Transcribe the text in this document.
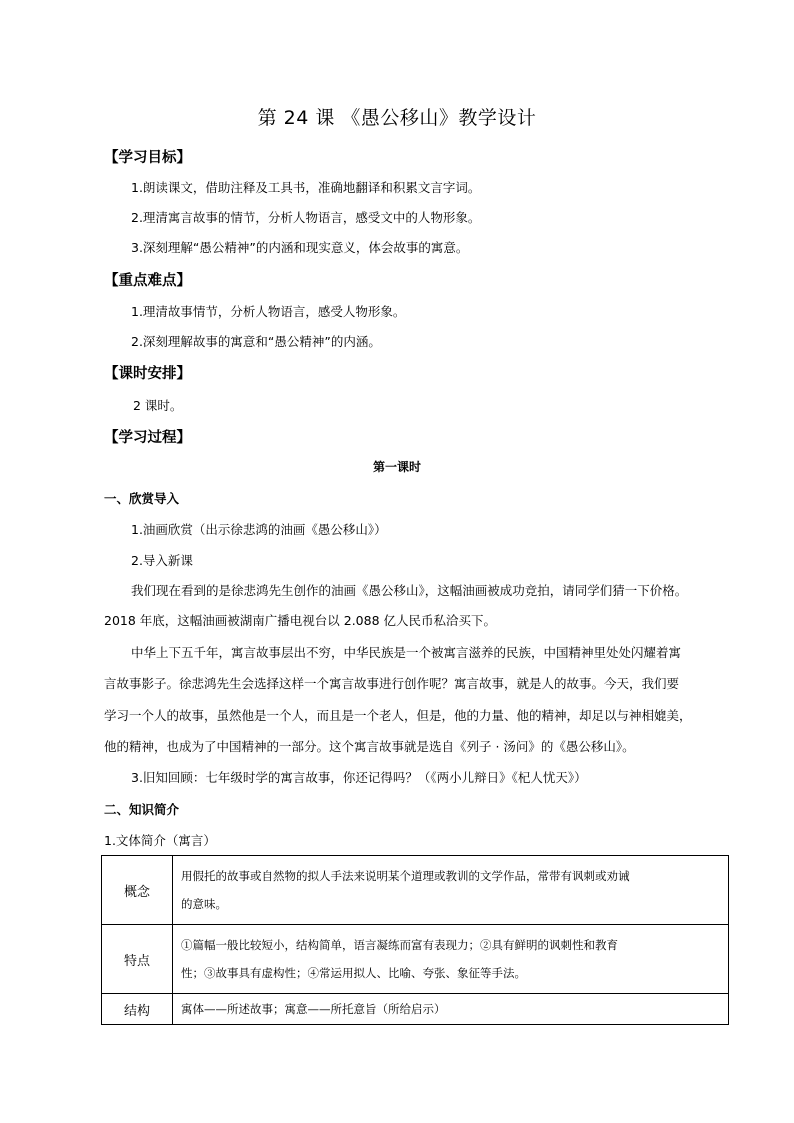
第 24 课 《愚公移山》教学设计
【学习目标】
1.朗读课文，借助注释及工具书，准确地翻译和积累文言字词。
2.理清寓言故事的情节，分析人物语言，感受文中的人物形象。
3.深刻理解“愚公精神”的内涵和现实意义，体会故事的寓意。
【重点难点】
1.理清故事情节，分析人物语言，感受人物形象。
2.深刻理解故事的寓意和“愚公精神”的内涵。
【课时安排】
2 课时。
【学习过程】
第一课时
一、欣赏导入
1.油画欣赏（出示徐悲鸿的油画《愚公移山》）
2.导入新课
我们现在看到的是徐悲鸿先生创作的油画《愚公移山》，这幅油画被成功竞拍，请同学们猜一下价格。
2018 年底，这幅油画被湖南广播电视台以 2.088 亿人民币私洽买下。
中华上下五千年，寓言故事层出不穷，中华民族是一个被寓言滋养的民族，中国精神里处处闪耀着寓
言故事影子。徐悲鸿先生会选择这样一个寓言故事进行创作呢？寓言故事，就是人的故事。今天，我们要
学习一个人的故事，虽然他是一个人，而且是一个老人，但是，他的力量、他的精神，却足以与神相媲美，
他的精神，也成为了中国精神的一部分。这个寓言故事就是选自《列子 · 汤问》的《愚公移山》。
3.旧知回顾：七年级时学的寓言故事，你还记得吗？（《两小儿辩日》《杞人忧天》）
二、知识简介
1.文体简介（寓言）
概念	用假托的故事或自然物的拟人手法来说明某个道理或教训的文学作品，常带有讽刺或劝诫
的意味。

特点	①篇幅一般比较短小，结构简单，语言凝练而富有表现力；②具有鲜明的讽刺性和教育
性；③故事具有虚构性；④常运用拟人、比喻、夸张、象征等手法。

结构	寓体——所述故事；寓意——所托意旨（所给启示）
